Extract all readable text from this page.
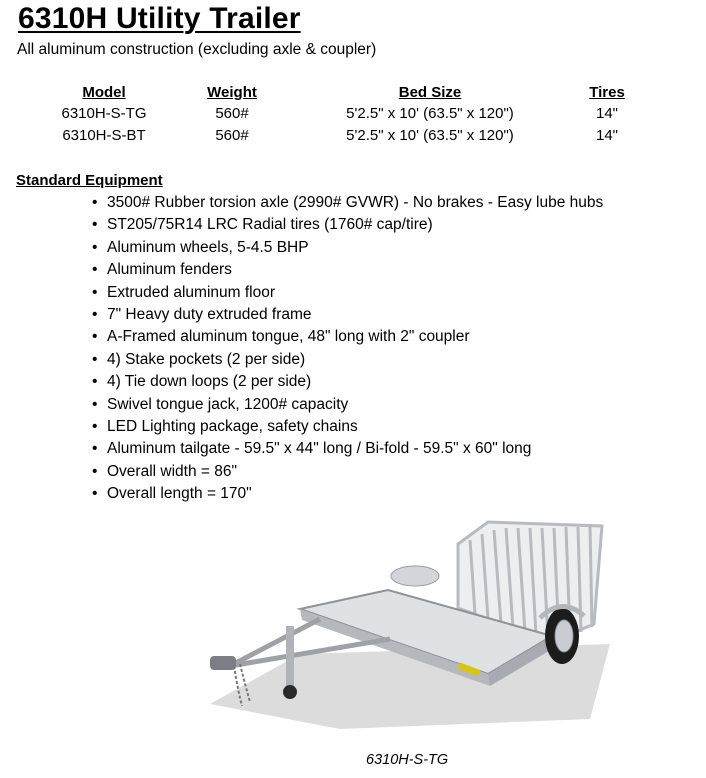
6310H Utility Trailer
All aluminum construction (excluding axle & coupler)
Model	Weight	Bed Size	Tires
6310H-S-TG	560#	5'2.5" x 10' (63.5" x 120")	14"
6310H-S-BT	560#	5'2.5" x 10' (63.5" x 120")	14"
Standard Equipment
• 3500# Rubber torsion axle (2990# GVWR) - No brakes - Easy lube hubs
• ST205/75R14 LRC Radial tires (1760# cap/tire)
• Aluminum wheels, 5-4.5 BHP
• Aluminum fenders
• Extruded aluminum floor
• 7" Heavy duty extruded frame
• A-Framed aluminum tongue, 48" long with 2" coupler
• 4) Stake pockets (2 per side)
• 4) Tie down loops (2 per side)
• Swivel tongue jack, 1200# capacity
• LED Lighting package, safety chains
• Aluminum tailgate - 59.5" x 44" long / Bi-fold - 59.5" x 60" long
• Overall width = 86"
• Overall length = 170"
6310H-S-TG
